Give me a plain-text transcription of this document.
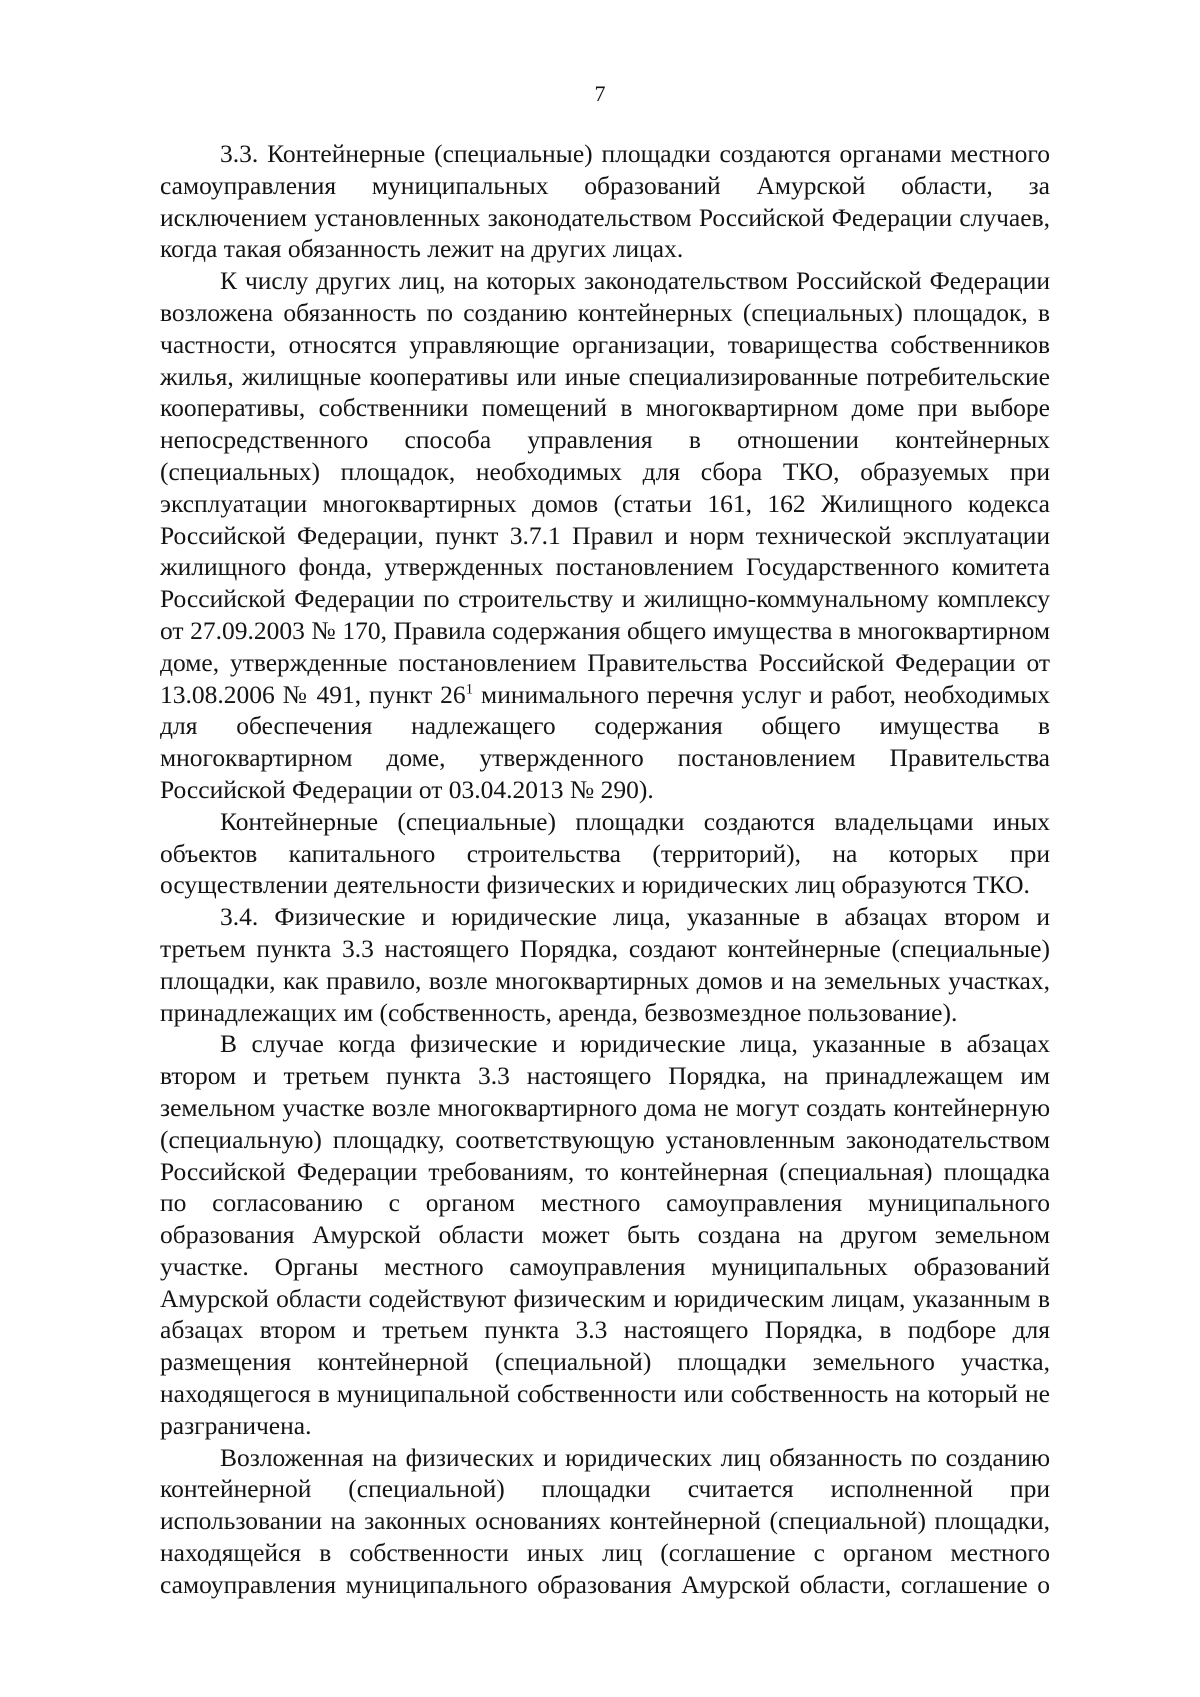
7

3.3. Контейнерные (специальные) площадки создаются органами местного самоуправления муниципальных образований Амурской области, за исключением установленных законодательством Российской Федерации случаев, когда такая обязанность лежит на других лицах.

К числу других лиц, на которых законодательством Российской Федерации возложена обязанность по созданию контейнерных (специальных) площадок, в частности, относятся управляющие организации, товарищества собственников жилья, жилищные кооперативы или иные специализированные потребительские кооперативы, собственники помещений в многоквартирном доме при выборе непосредственного способа управления в отношении контейнерных (специальных) площадок, необходимых для сбора ТКО, образуемых при эксплуатации многоквартирных домов (статьи 161, 162 Жилищного кодекса Российской Федерации, пункт 3.7.1 Правил и норм технической эксплуатации жилищного фонда, утвержденных постановлением Государственного комитета Российской Федерации по строительству и жилищно-коммунальному комплексу от 27.09.2003 № 170, Правила содержания общего имущества в многоквартирном доме, утвержденные постановлением Правительства Российской Федерации от 13.08.2006 № 491, пункт $26^1$ минимального перечня услуг и работ, необходимых для обеспечения надлежащего содержания общего имущества в многоквартирном доме, утвержденного постановлением Правительства Российской Федерации от 03.04.2013 № 290).

Контейнерные (специальные) площадки создаются владельцами иных объектов капитального строительства (территорий), на которых при осуществлении деятельности физических и юридических лиц образуются ТКО.

3.4. Физические и юридические лица, указанные в абзацах втором и третьем пункта 3.3 настоящего Порядка, создают контейнерные (специальные) площадки, как правило, возле многоквартирных домов и на земельных участках, принадлежащих им (собственность, аренда, безвозмездное пользование).

В случае когда физические и юридические лица, указанные в абзацах втором и третьем пункта 3.3 настоящего Порядка, на принадлежащем им земельном участке возле многоквартирного дома не могут создать контейнерную (специальную) площадку, соответствующую установленным законодательством Российской Федерации требованиям, то контейнерная (специальная) площадка по согласованию с органом местного самоуправления муниципального образования Амурской области может быть создана на другом земельном участке. Органы местного самоуправления муниципальных образований Амурской области содействуют физическим и юридическим лицам, указанным в абзацах втором и третьем пункта 3.3 настоящего Порядка, в подборе для размещения контейнерной (специальной) площадки земельного участка, находящегося в муниципальной собственности или собственность на который не разграничена.

Возложенная на физических и юридических лиц обязанность по созданию контейнерной (специальной) площадки считается исполненной при использовании на законных основаниях контейнерной (специальной) площадки, находящейся в собственности иных лиц (соглашение с органом местного самоуправления муниципального образования Амурской области, соглашение о
